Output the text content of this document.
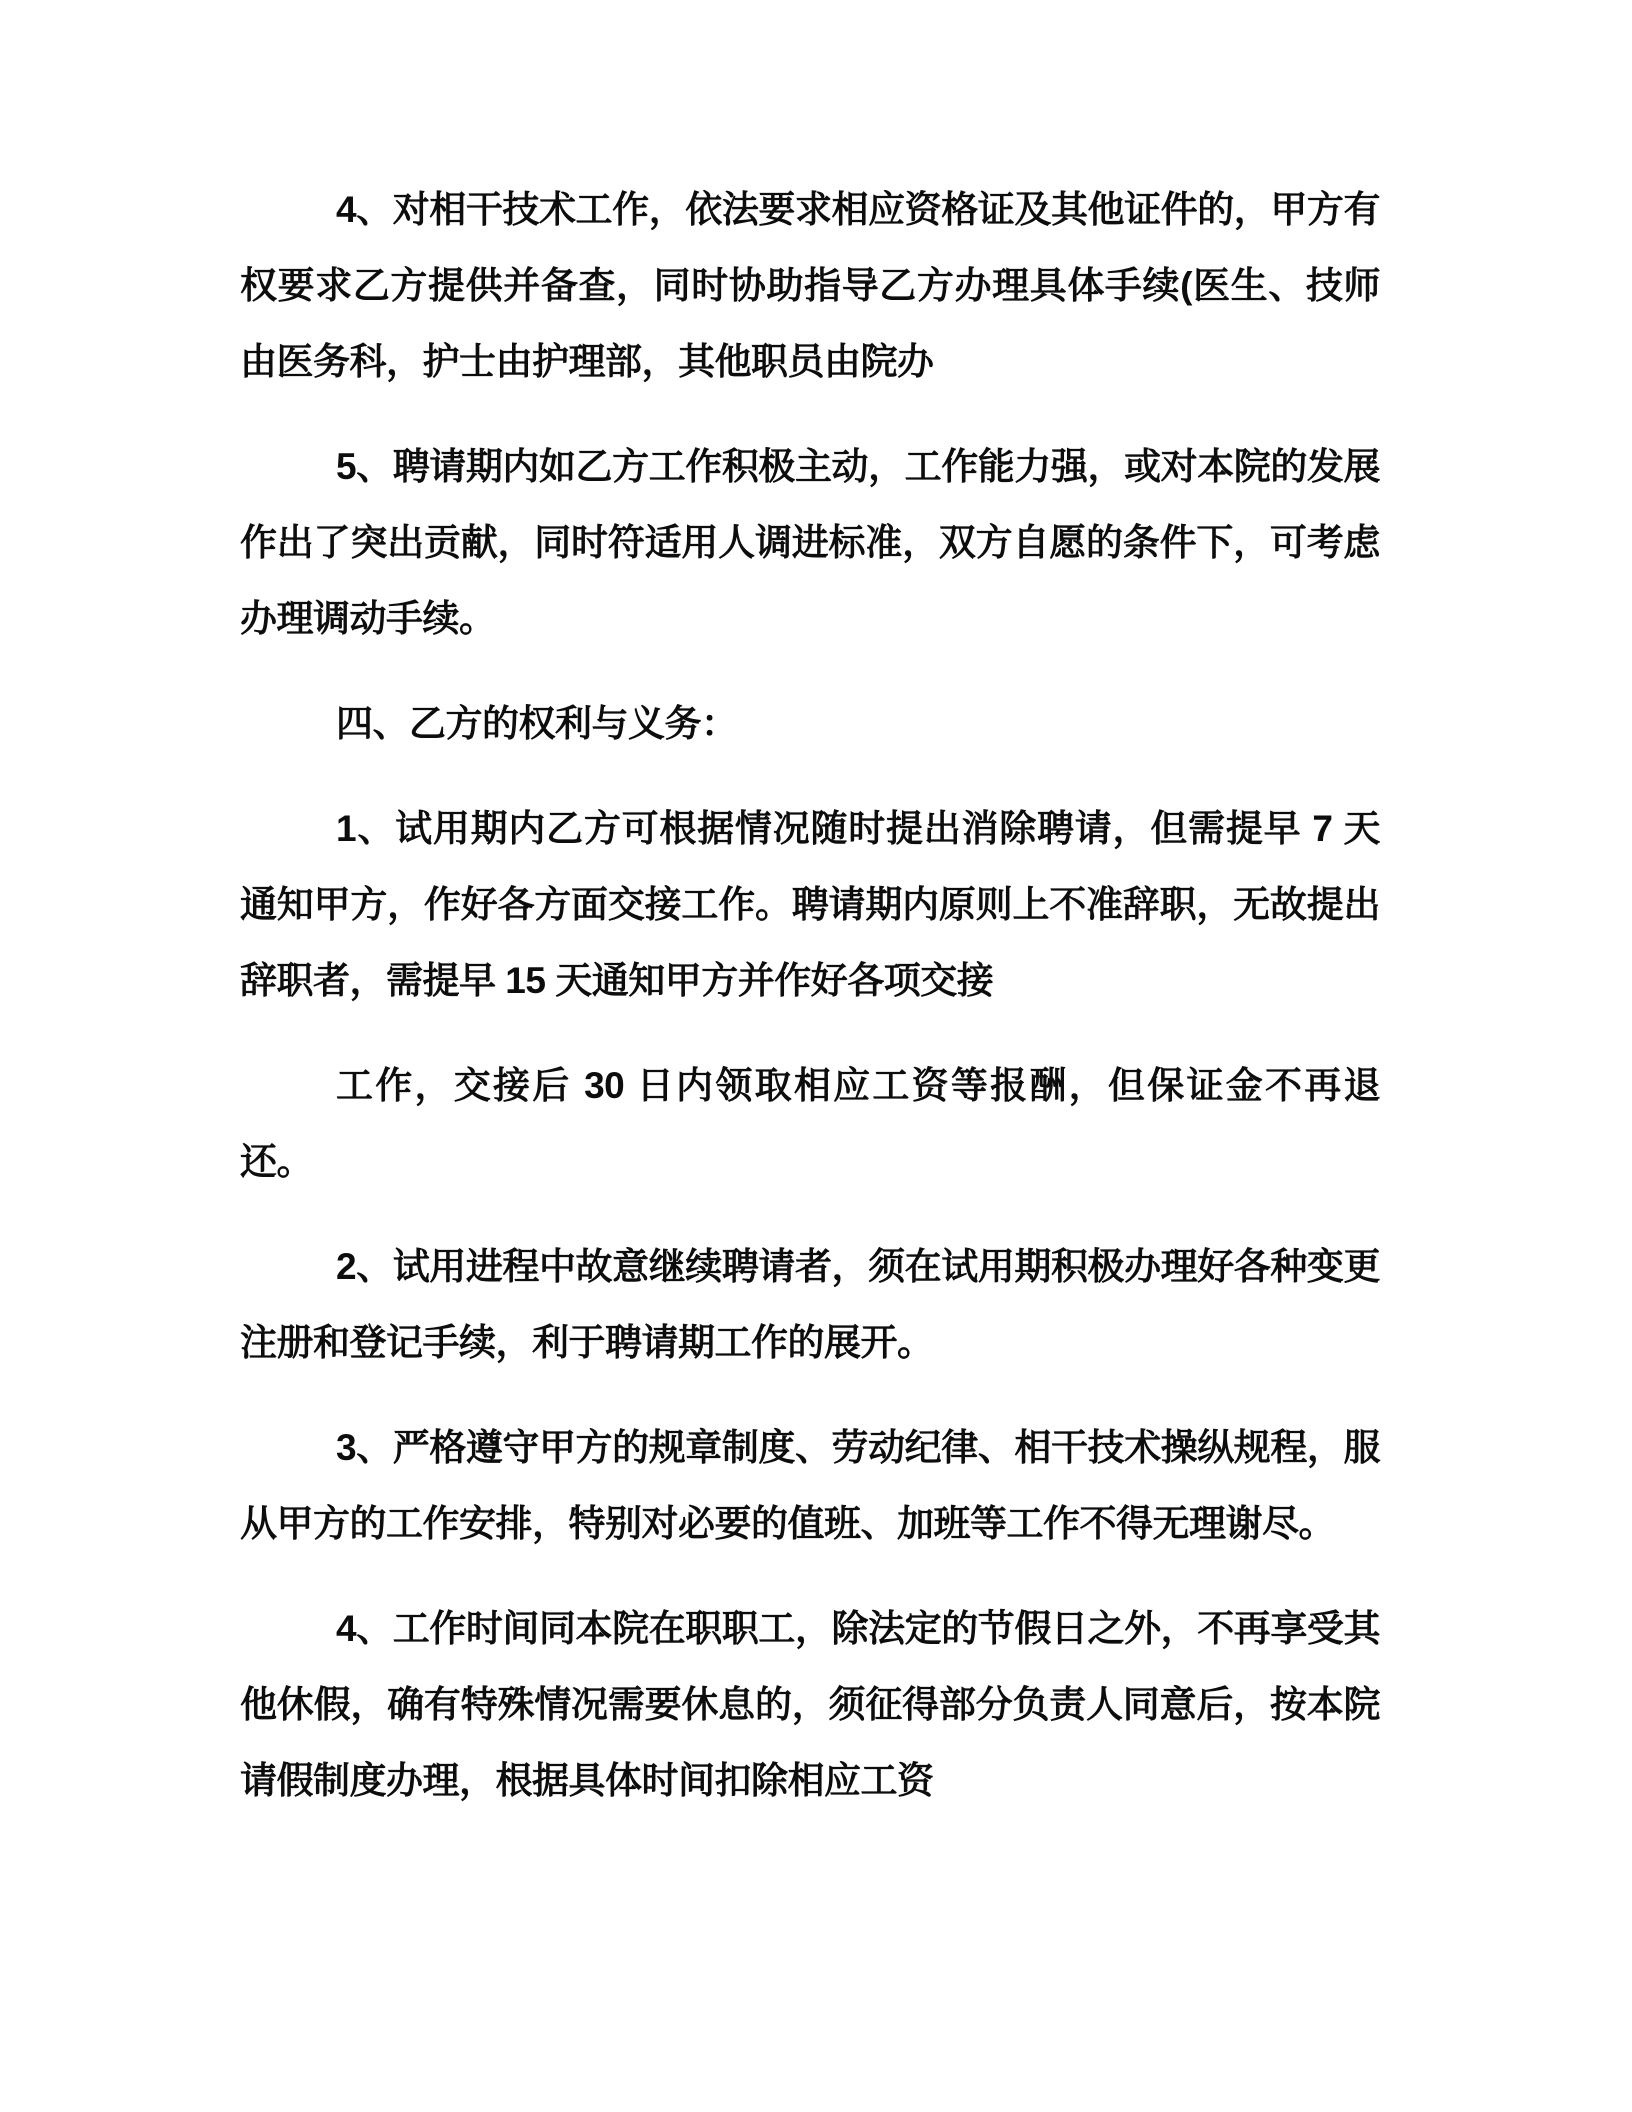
4、对相干技术工作，依法要求相应资格证及其他证件的，甲方有权要求乙方提供并备查，同时协助指导乙方办理具体手续(医生、技师由医务科，护士由护理部，其他职员由院办

5、聘请期内如乙方工作积极主动，工作能力强，或对本院的发展作出了突出贡献，同时符适用人调进标准，双方自愿的条件下，可考虑办理调动手续。

四、乙方的权利与义务：

1、试用期内乙方可根据情况随时提出消除聘请，但需提早 7 天通知甲方，作好各方面交接工作。聘请期内原则上不准辞职，无故提出辞职者，需提早 15 天通知甲方并作好各项交接

工作，交接后 30 日内领取相应工资等报酬，但保证金不再退还。

2、试用进程中故意继续聘请者，须在试用期积极办理好各种变更注册和登记手续，利于聘请期工作的展开。

3、严格遵守甲方的规章制度、劳动纪律、相干技术操纵规程，服从甲方的工作安排，特别对必要的值班、加班等工作不得无理谢尽。

4、工作时间同本院在职职工，除法定的节假日之外，不再享受其他休假，确有特殊情况需要休息的，须征得部分负责人同意后，按本院请假制度办理，根据具体时间扣除相应工资
